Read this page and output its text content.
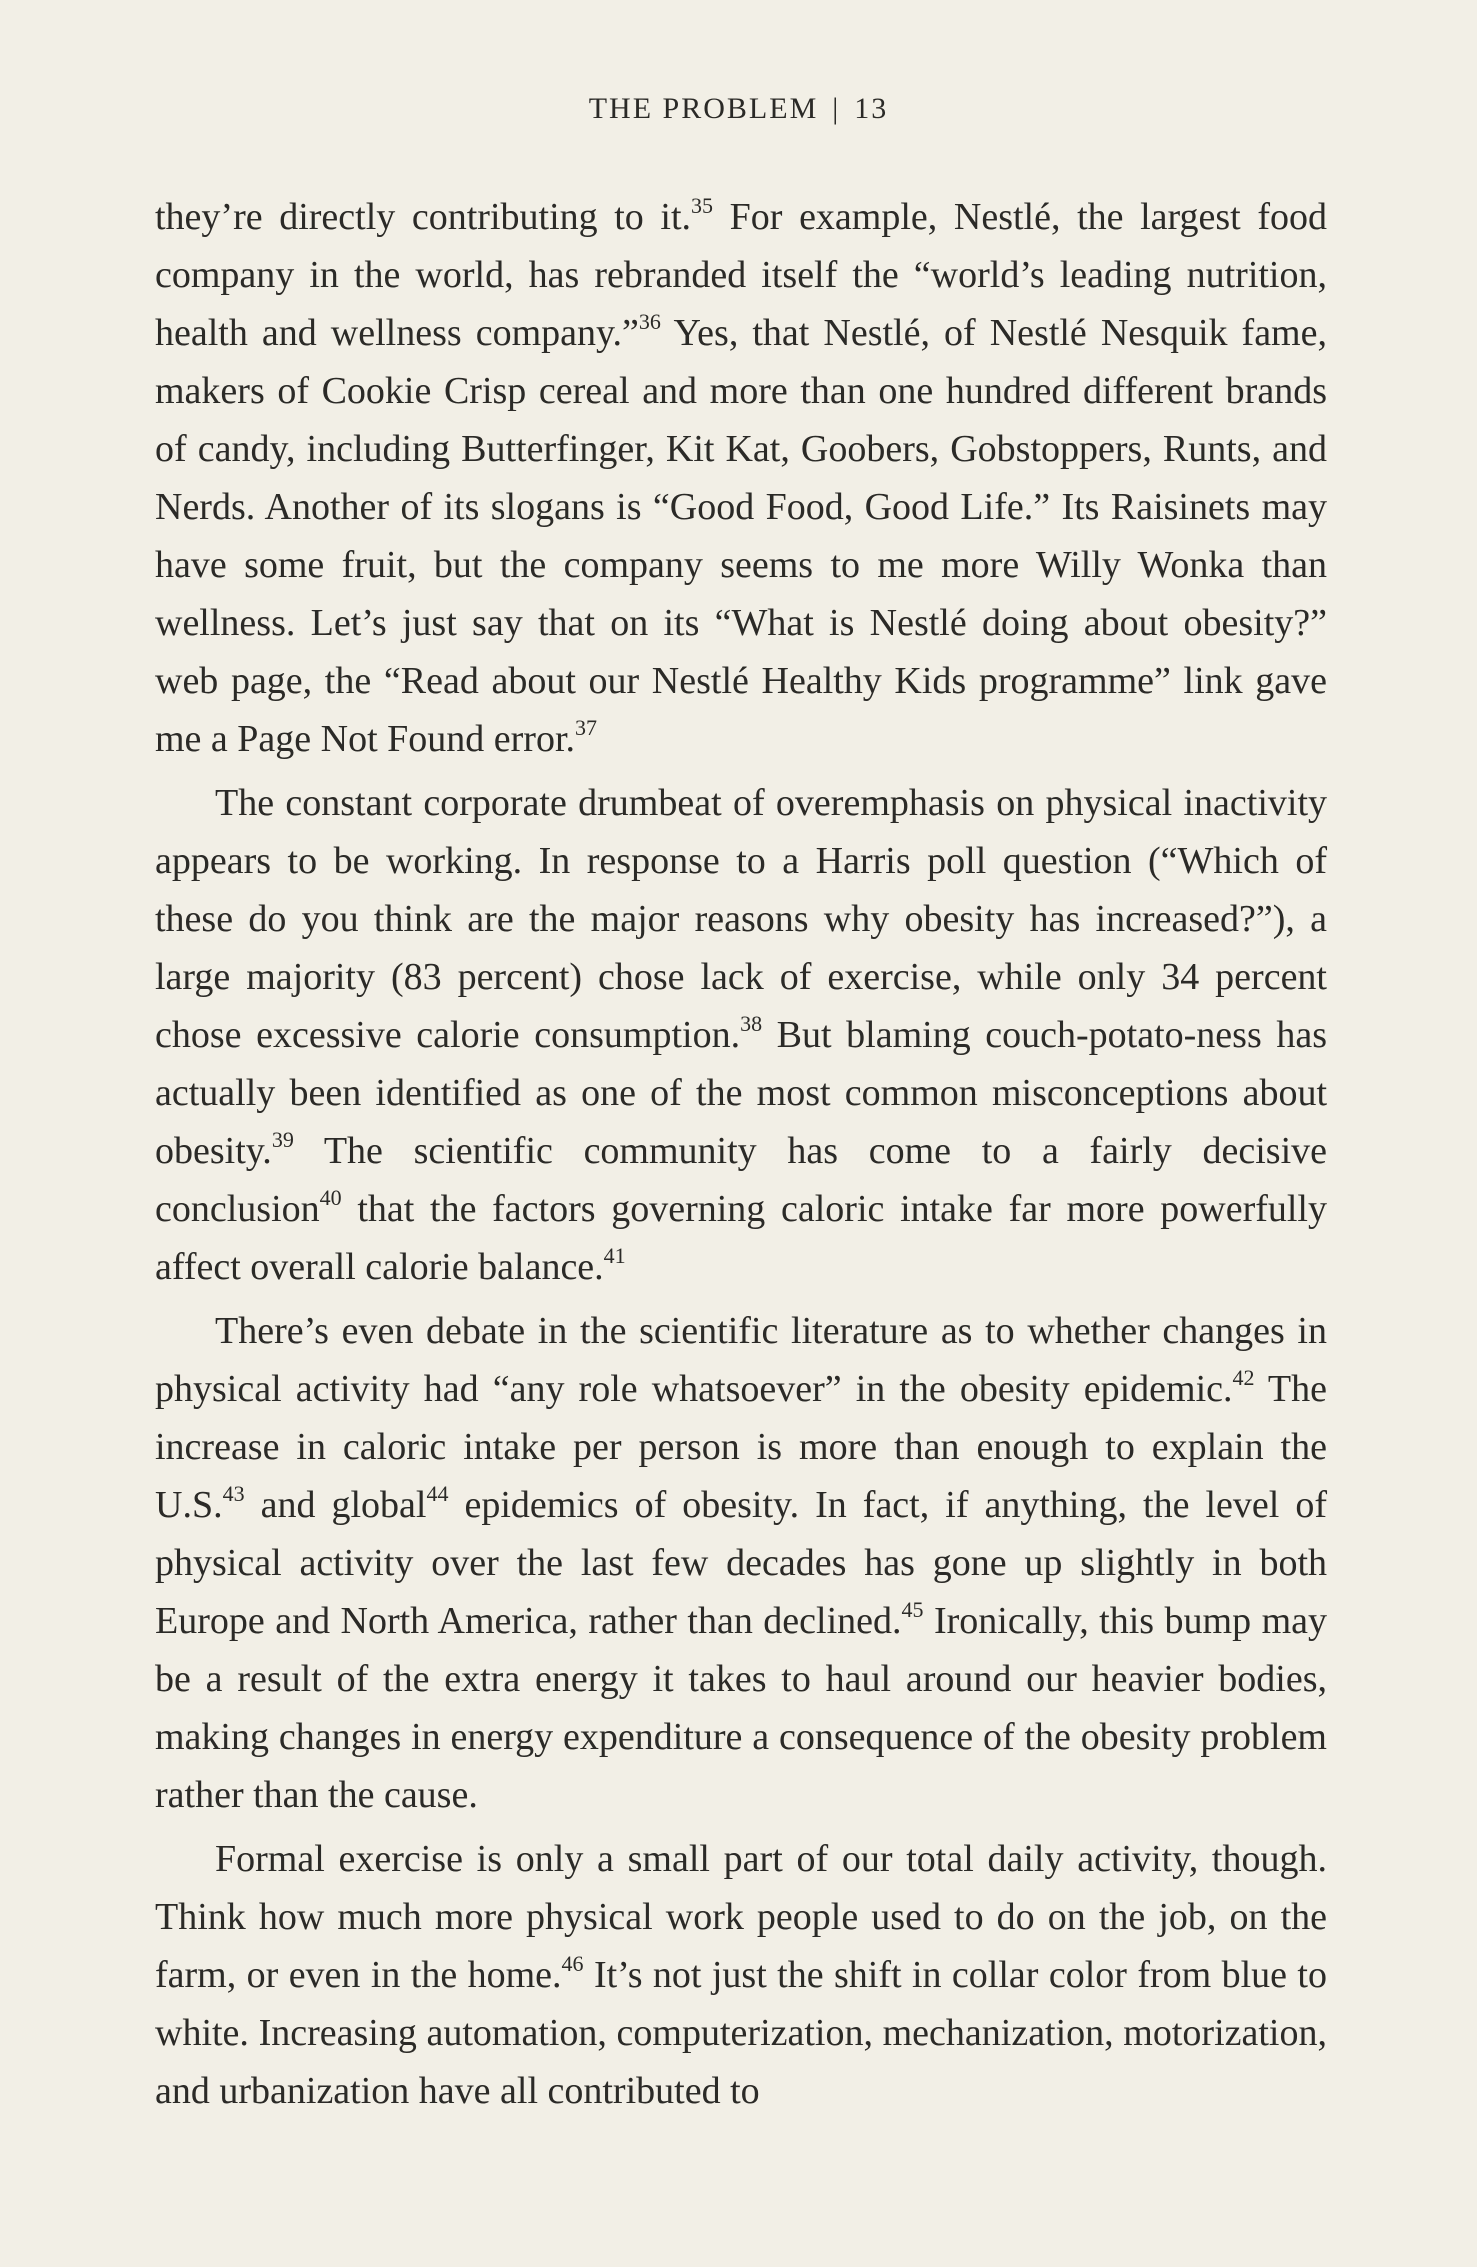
THE PROBLEM | 13

they’re directly contributing to it.$^{35}$ For example, Nestlé, the largest food company in the world, has rebranded itself the “world’s leading nutrition, health and wellness company.”$^{36}$ Yes, that Nestlé, of Nestlé Nesquik fame, makers of Cookie Crisp cereal and more than one hundred different brands of candy, including Butterfinger, Kit Kat, Goobers, Gobstoppers, Runts, and Nerds. Another of its slogans is “Good Food, Good Life.” Its Raisinets may have some fruit, but the company seems to me more Willy Wonka than wellness. Let’s just say that on its “What is Nestlé doing about obesity?” web page, the “Read about our Nestlé Healthy Kids programme” link gave me a Page Not Found error.$^{37}$

The constant corporate drumbeat of overemphasis on physical inactivity appears to be working. In response to a Harris poll question (“Which of these do you think are the major reasons why obesity has increased?”), a large majority (83 percent) chose lack of exercise, while only 34 percent chose excessive calorie consumption.$^{38}$ But blaming couch-potato-ness has actually been identified as one of the most common misconceptions about obesity.$^{39}$ The scientific community has come to a fairly decisive conclusion$^{40}$ that the factors governing caloric intake far more powerfully affect overall calorie balance.$^{41}$

There’s even debate in the scientific literature as to whether changes in physical activity had “any role whatsoever” in the obesity epidemic.$^{42}$ The increase in caloric intake per person is more than enough to explain the U.S.$^{43}$ and global$^{44}$ epidemics of obesity. In fact, if anything, the level of physical activity over the last few decades has gone up slightly in both Europe and North America, rather than declined.$^{45}$ Ironically, this bump may be a result of the extra energy it takes to haul around our heavier bodies, making changes in energy expenditure a consequence of the obesity problem rather than the cause.

Formal exercise is only a small part of our total daily activity, though. Think how much more physical work people used to do on the job, on the farm, or even in the home.$^{46}$ It’s not just the shift in collar color from blue to white. Increasing automation, computerization, mechanization, motorization, and urbanization have all contributed to
